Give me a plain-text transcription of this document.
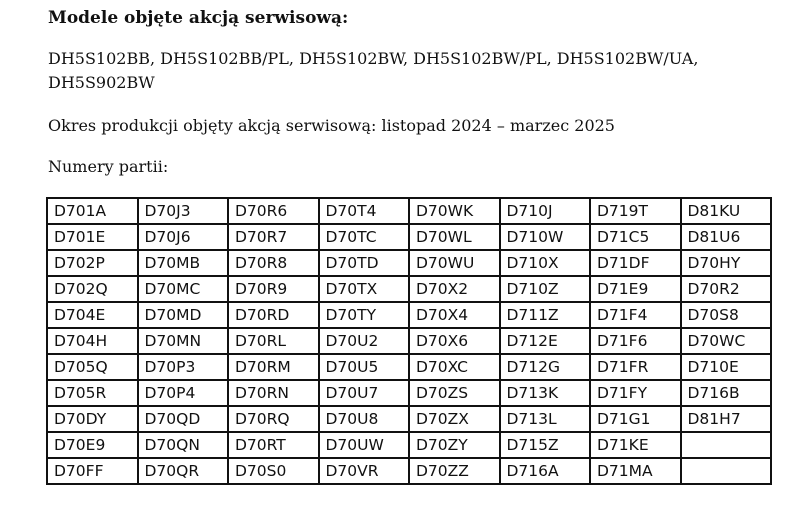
Modele objęte akcją serwisową:
DH5S102BB, DH5S102BB/PL, DH5S102BW, DH5S102BW/PL, DH5S102BW/UA, DH5S902BW
Okres produkcji objęty akcją serwisową: listopad 2024 – marzec 2025
Numery partii:
D701A	D70J3	D70R6	D70T4	D70WK	D710J	D719T	D81KU
D701E	D70J6	D70R7	D70TC	D70WL	D710W	D71C5	D81U6
D702P	D70MB	D70R8	D70TD	D70WU	D710X	D71DF	D70HY
D702Q	D70MC	D70R9	D70TX	D70X2	D710Z	D71E9	D70R2
D704E	D70MD	D70RD	D70TY	D70X4	D711Z	D71F4	D70S8
D704H	D70MN	D70RL	D70U2	D70X6	D712E	D71F6	D70WC
D705Q	D70P3	D70RM	D70U5	D70XC	D712G	D71FR	D710E
D705R	D70P4	D70RN	D70U7	D70ZS	D713K	D71FY	D716B
D70DY	D70QD	D70RQ	D70U8	D70ZX	D713L	D71G1	D81H7
D70E9	D70QN	D70RT	D70UW	D70ZY	D715Z	D71KE	
D70FF	D70QR	D70S0	D70VR	D70ZZ	D716A	D71MA	
